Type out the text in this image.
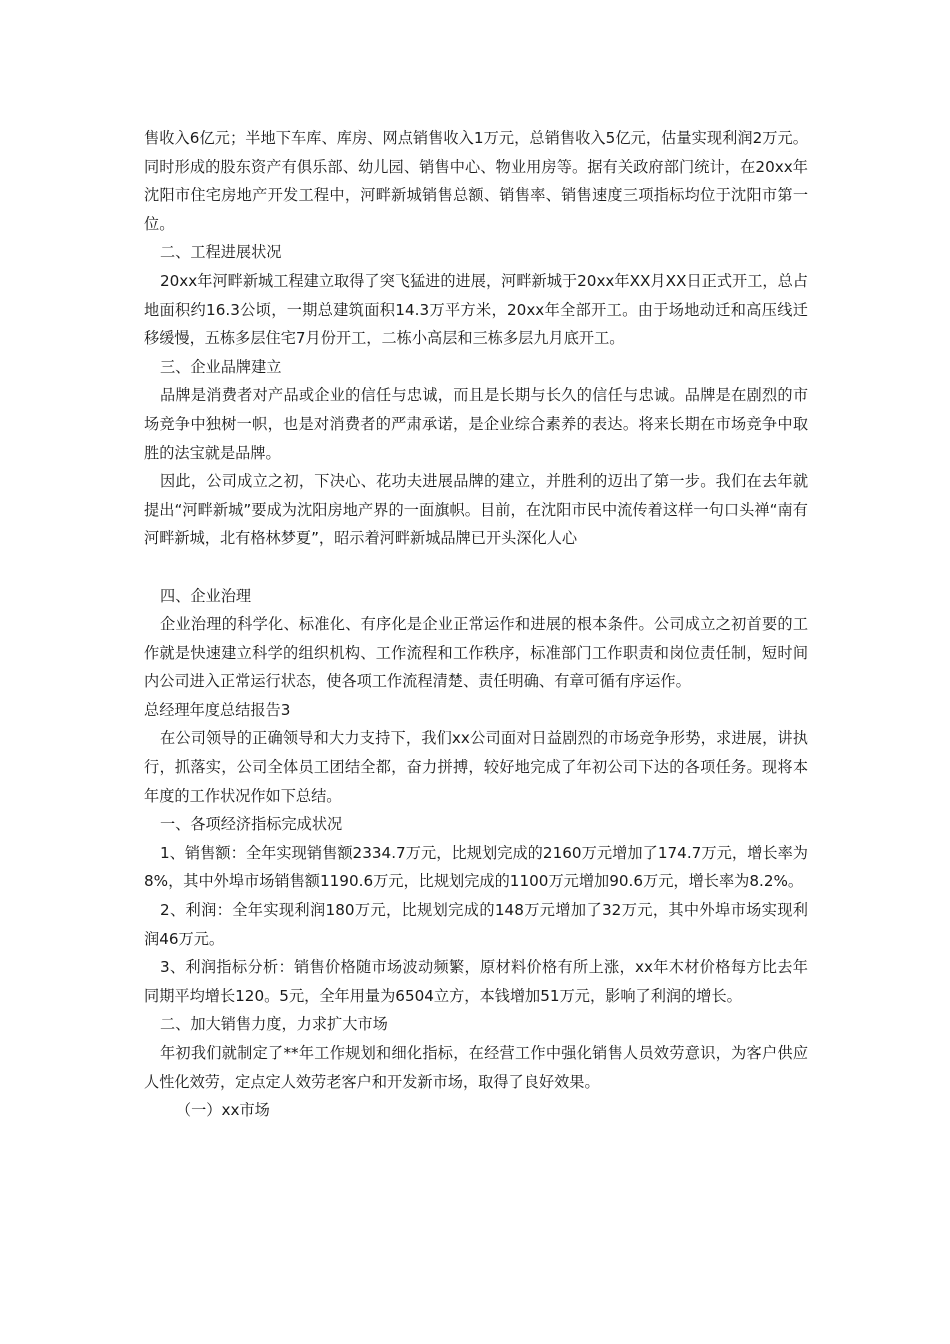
售收入6亿元；半地下车库、库房、网点销售收入1万元，总销售收入5亿元，估量实现利润2万元。同时形成的股东资产有俱乐部、幼儿园、销售中心、物业用房等。据有关政府部门统计，在20xx年沈阳市住宅房地产开发工程中，河畔新城销售总额、销售率、销售速度三项指标均位于沈阳市第一位。

二、工程进展状况

20xx年河畔新城工程建立取得了突飞猛进的进展，河畔新城于20xx年XX月XX日正式开工，总占地面积约16.3公顷，一期总建筑面积14.3万平方米，20xx年全部开工。由于场地动迁和高压线迁移缓慢，五栋多层住宅7月份开工，二栋小高层和三栋多层九月底开工。

三、企业品牌建立

品牌是消费者对产品或企业的信任与忠诚，而且是长期与长久的信任与忠诚。品牌是在剧烈的市场竞争中独树一帜，也是对消费者的严肃承诺，是企业综合素养的表达。将来长期在市场竞争中取胜的法宝就是品牌。

因此，公司成立之初，下决心、花功夫进展品牌的建立，并胜利的迈出了第一步。我们在去年就提出“河畔新城”要成为沈阳房地产界的一面旗帜。目前，在沈阳市民中流传着这样一句口头禅“南有河畔新城，北有格林梦夏”，昭示着河畔新城品牌已开头深化人心

四、企业治理

企业治理的科学化、标准化、有序化是企业正常运作和进展的根本条件。公司成立之初首要的工作就是快速建立科学的组织机构、工作流程和工作秩序，标准部门工作职责和岗位责任制，短时间内公司进入正常运行状态，使各项工作流程清楚、责任明确、有章可循有序运作。

总经理年度总结报告3

在公司领导的正确领导和大力支持下，我们xx公司面对日益剧烈的市场竞争形势，求进展，讲执行，抓落实，公司全体员工团结全都，奋力拼搏，较好地完成了年初公司下达的各项任务。现将本年度的工作状况作如下总结。

一、各项经济指标完成状况

1、销售额：全年实现销售额2334.7万元，比规划完成的2160万元增加了174.7万元，增长率为8%，其中外埠市场销售额1190.6万元，比规划完成的1100万元增加90.6万元，增长率为8.2%。

2、利润：全年实现利润180万元，比规划完成的148万元增加了32万元，其中外埠市场实现利润46万元。

3、利润指标分析：销售价格随市场波动频繁，原材料价格有所上涨，xx年木材价格每方比去年同期平均增长120。5元，全年用量为6504立方，本钱增加51万元，影响了利润的增长。

二、加大销售力度，力求扩大市场

年初我们就制定了**年工作规划和细化指标，在经营工作中强化销售人员效劳意识，为客户供应人性化效劳，定点定人效劳老客户和开发新市场，取得了良好效果。

（一）xx市场
